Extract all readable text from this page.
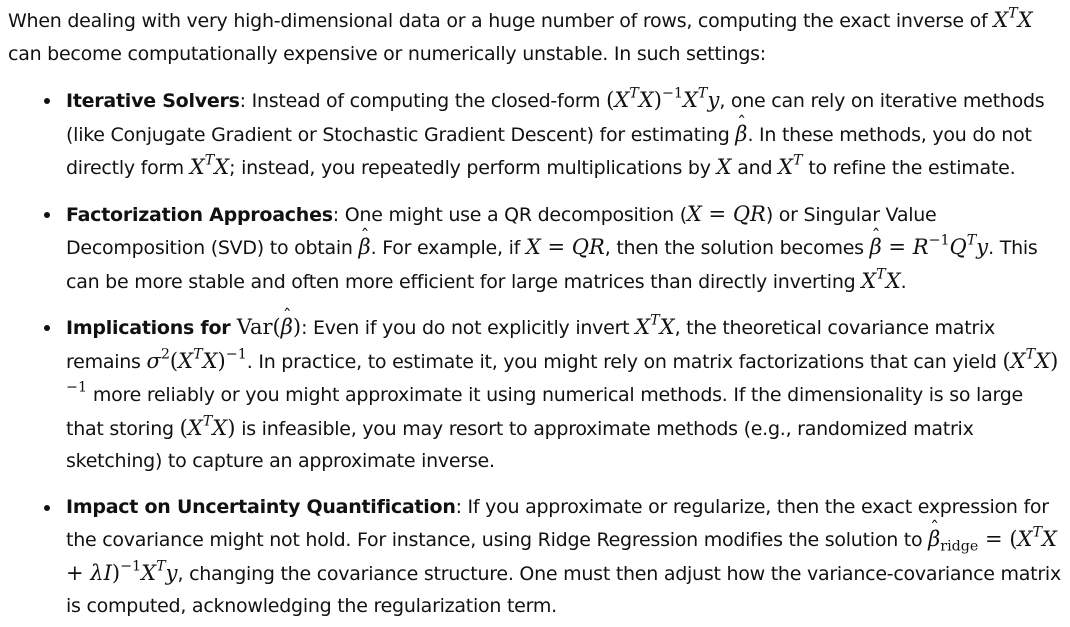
When dealing with very high-dimensional data or a huge number of rows, computing the exact inverse of $X^TX$ can become computationally expensive or numerically unstable. In such settings:

Iterative Solvers: Instead of computing the closed-form $(X^TX)^{-1}X^Ty$, one can rely on iterative methods (like Conjugate Gradient or Stochastic Gradient Descent) for estimating ˆ β. In these methods, you do not directly form $X^TX$; instead, you repeatedly perform multiplications by X and $X^T$ to refine the estimate.
Factorization Approaches: One might use a QR decomposition (X = QR) or Singular Value Decomposition (SVD) to obtain ˆ β. For example, if X = QR, then the solution becomes ˆ $\beta = R^{-1}Q^Ty$. This can be more stable and often more efficient for large matrices than directly inverting $X^TX$.
Implications for Var(ˆ β): Even if you do not explicitly invert $X^TX$, the theoretical covariance matrix remains $\sigma^2(X^TX)^{-1}$. In practice, to estimate it, you might rely on matrix factorizations that can yield $(X^TX)^{-1}$ more reliably or you might approximate it using numerical methods. If the dimensionality is so large that storing $(X^TX)$ is infeasible, you may resort to approximate methods (e.g., randomized matrix sketching) to capture an approximate inverse.
Impact on Uncertainty Quantification: If you approximate or regularize, then the exact expression for the covariance might not hold. For instance, using Ridge Regression modifies the solution to ˆ $\beta_{ridge} = (X^TX + \lambda I)^{-1}X^Ty$, changing the covariance structure. One must then adjust how the variance-covariance matrix is computed, acknowledging the regularization term.
